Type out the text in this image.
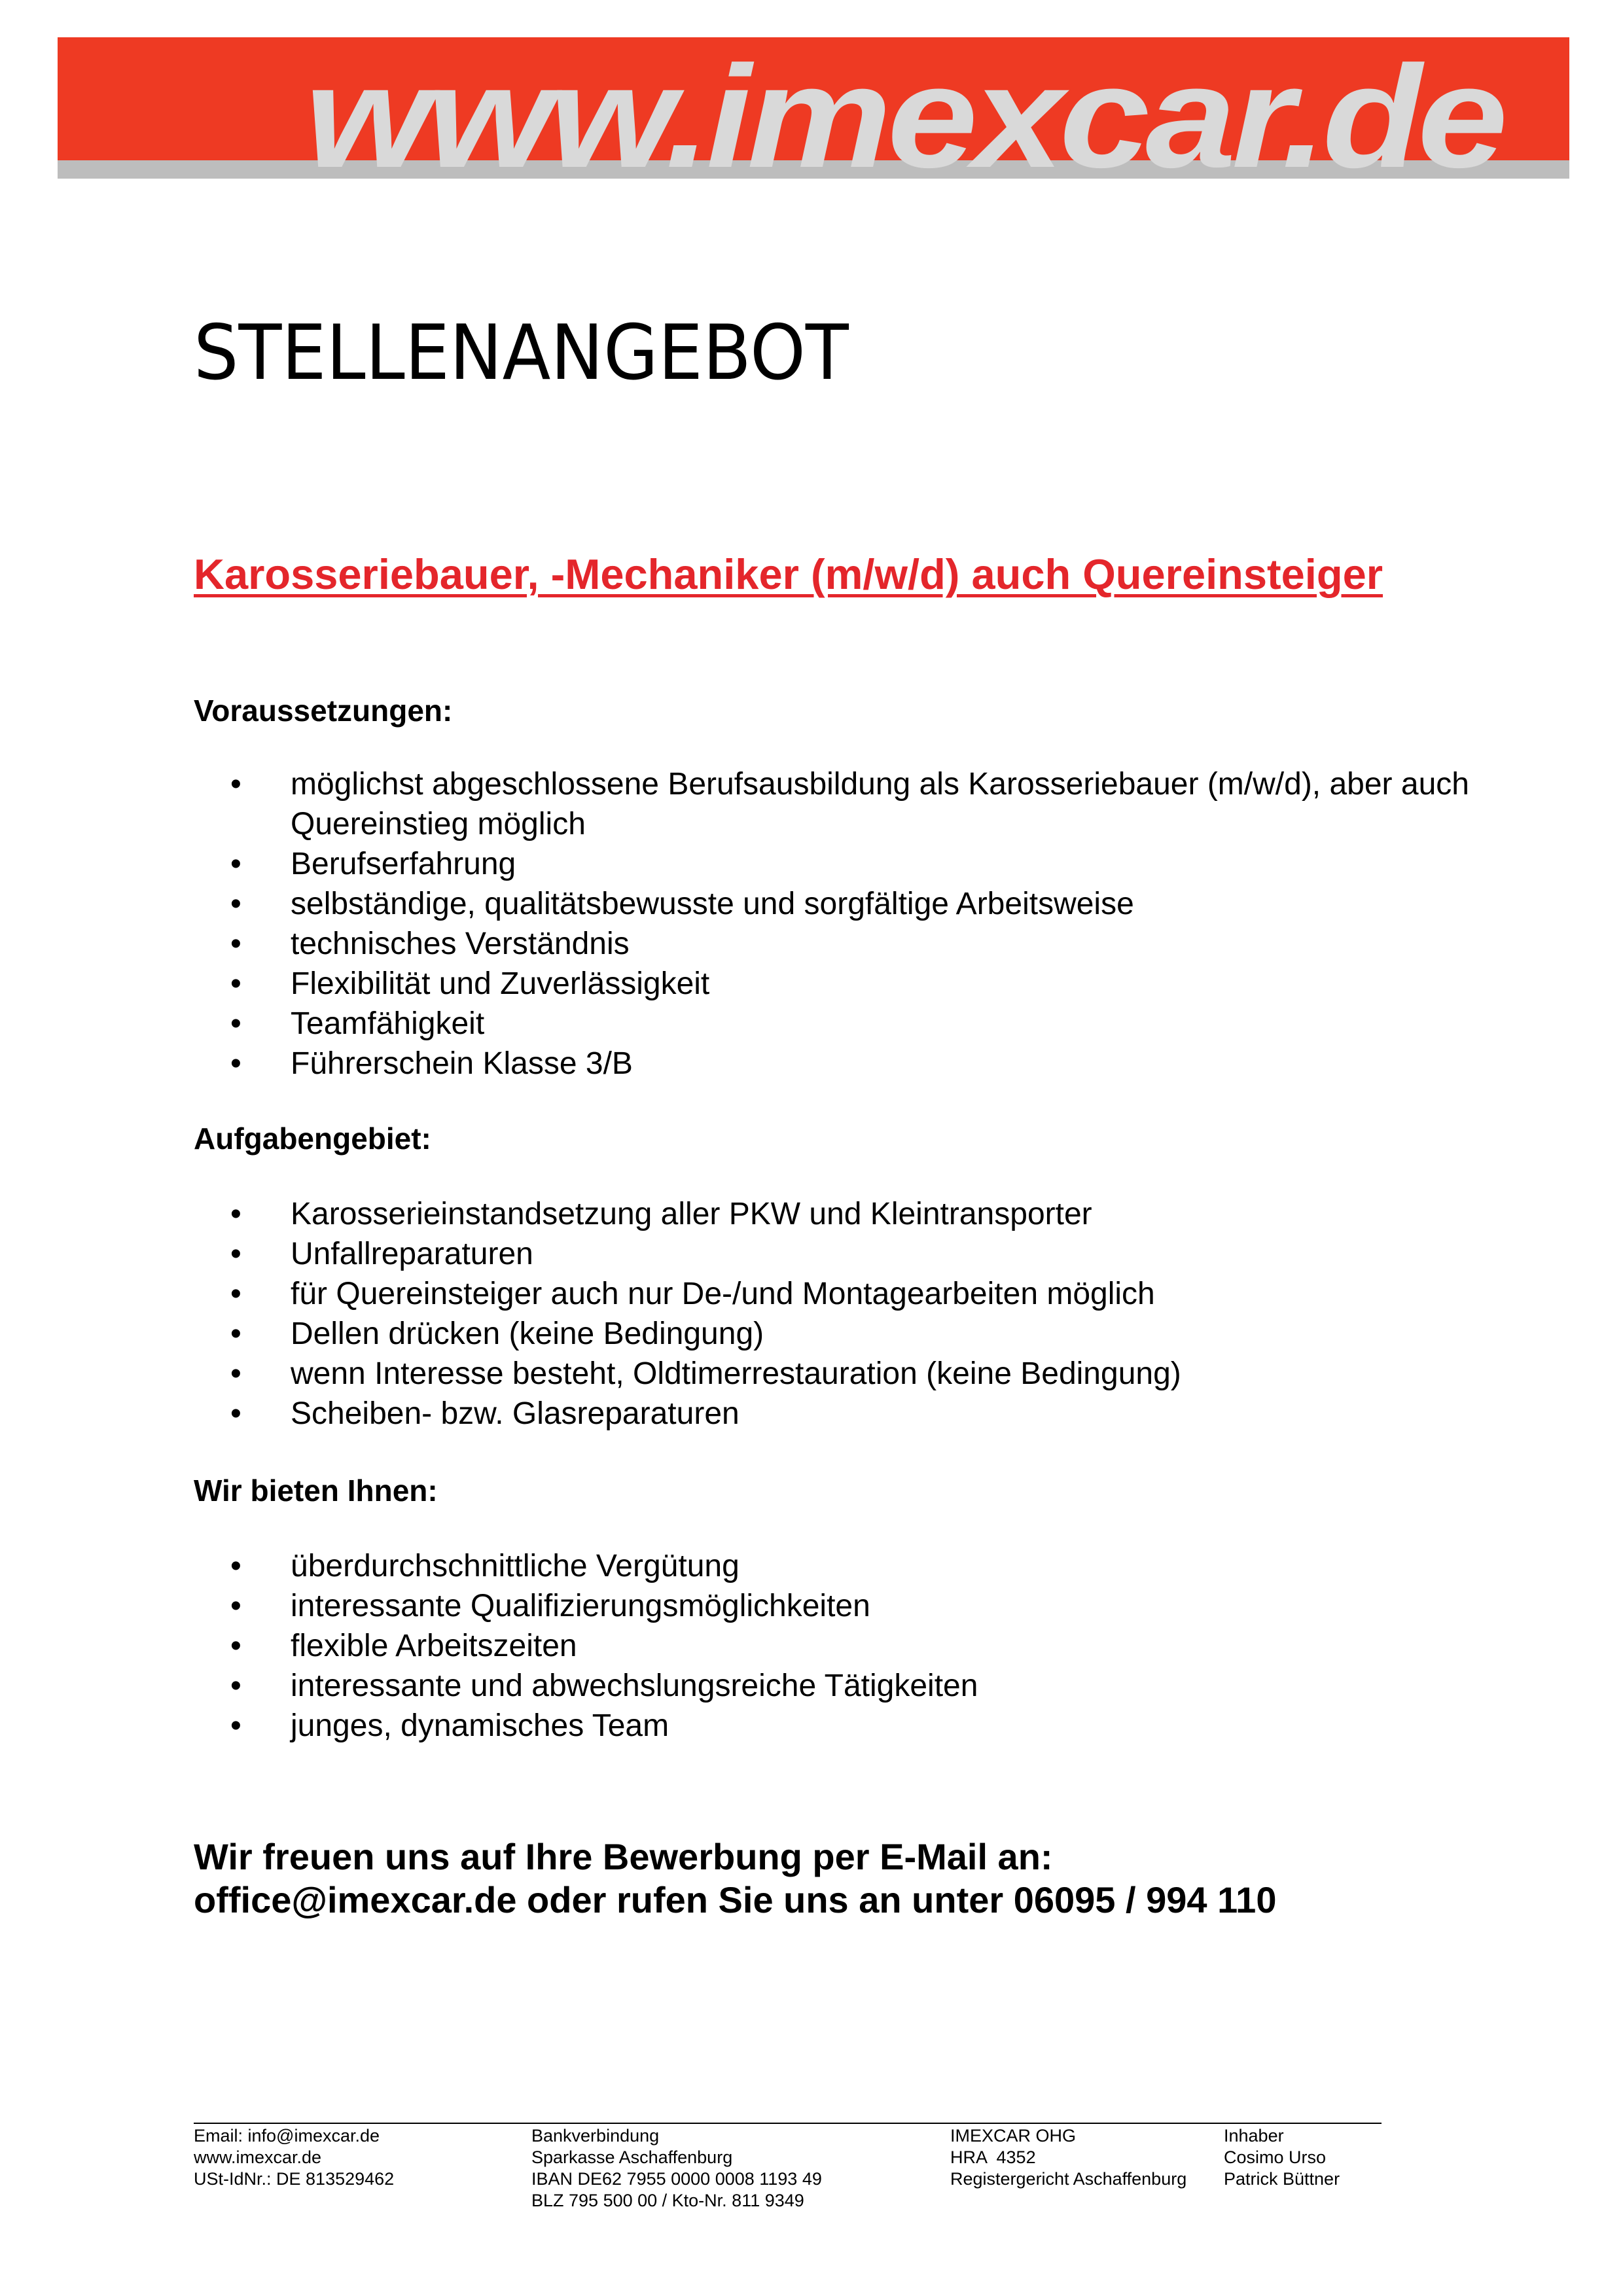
www.imexcar.de
STELLENANGEBOT
Karosseriebauer, -Mechaniker (m/w/d) auch Quereinsteiger
Voraussetzungen:
• möglichst abgeschlossene Berufsausbildung als Karosseriebauer (m/w/d), aber auch Quereinstieg möglich
• Berufserfahrung
• selbständige, qualitätsbewusste und sorgfältige Arbeitsweise
• technisches Verständnis
• Flexibilität und Zuverlässigkeit
• Teamfähigkeit
• Führerschein Klasse 3/B
Aufgabengebiet:
• Karosserieinstandsetzung aller PKW und Kleintransporter
• Unfallreparaturen
• für Quereinsteiger auch nur De-/und Montagearbeiten möglich
• Dellen drücken (keine Bedingung)
• wenn Interesse besteht, Oldtimerrestauration (keine Bedingung)
• Scheiben- bzw. Glasreparaturen
Wir bieten Ihnen:
• überdurchschnittliche Vergütung
• interessante Qualifizierungsmöglichkeiten
• flexible Arbeitszeiten
• interessante und abwechslungsreiche Tätigkeiten
• junges, dynamisches Team
Wir freuen uns auf Ihre Bewerbung per E-Mail an:
office@imexcar.de oder rufen Sie uns an unter 06095 / 994 110
Email: info@imexcar.de
www.imexcar.de
USt-IdNr.: DE 813529462
Bankverbindung
Sparkasse Aschaffenburg
IBAN DE62 7955 0000 0008 1193 49
BLZ 795 500 00 / Kto-Nr. 811 9349
IMEXCAR OHG
HRA  4352
Registergericht Aschaffenburg
Inhaber
Cosimo Urso
Patrick Büttner
